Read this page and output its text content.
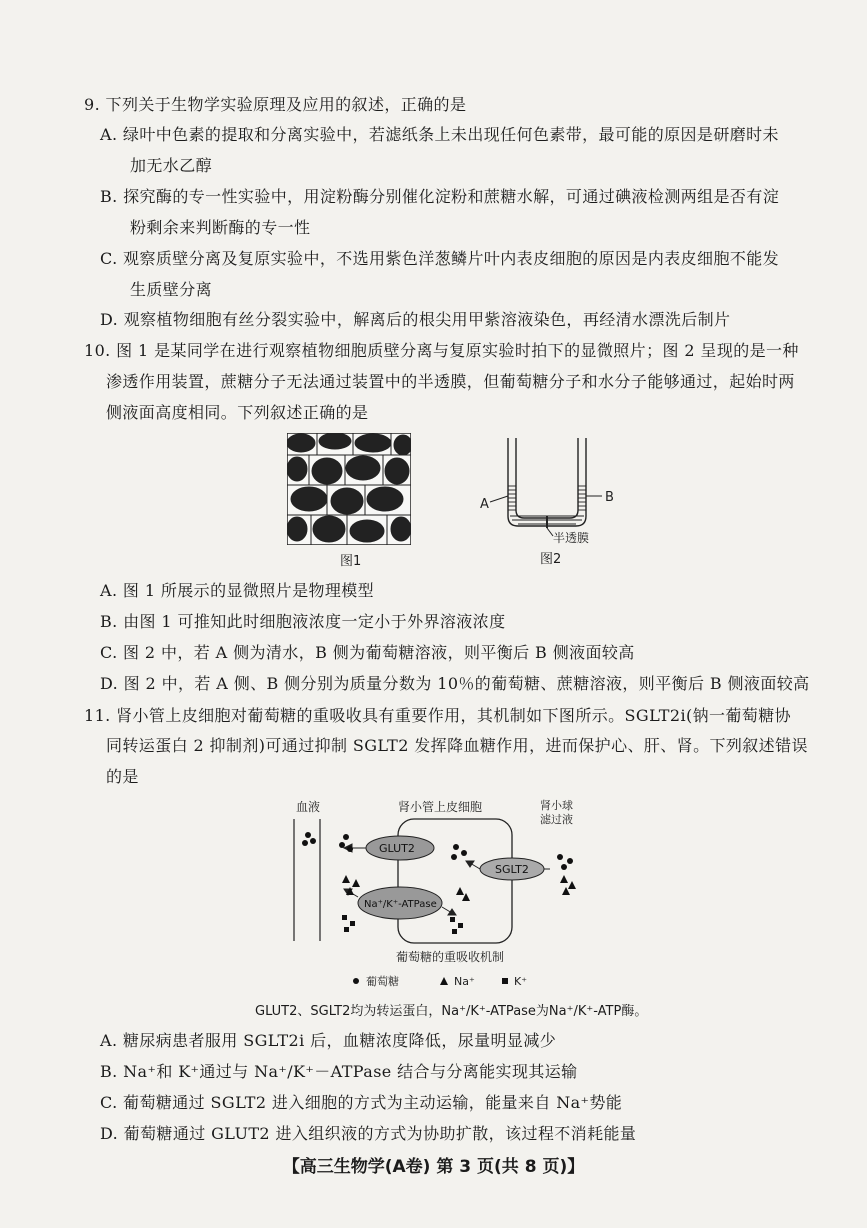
9. 下列关于生物学实验原理及应用的叙述，正确的是
A. 绿叶中色素的提取和分离实验中，若滤纸条上未出现任何色素带，最可能的原因是研磨时未
加无水乙醇
B. 探究酶的专一性实验中，用淀粉酶分别催化淀粉和蔗糖水解，可通过碘液检测两组是否有淀
粉剩余来判断酶的专一性
C. 观察质壁分离及复原实验中，不选用紫色洋葱鳞片叶内表皮细胞的原因是内表皮细胞不能发
生质壁分离
D. 观察植物细胞有丝分裂实验中，解离后的根尖用甲紫溶液染色，再经清水漂洗后制片
10. 图 1 是某同学在进行观察植物细胞质壁分离与复原实验时拍下的显微照片；图 2 呈现的是一种
渗透作用装置，蔗糖分子无法通过装置中的半透膜，但葡萄糖分子和水分子能够通过，起始时两
侧液面高度相同。下列叙述正确的是
图1
A	B
半透膜
图2
A. 图 1 所展示的显微照片是物理模型
B. 由图 1 可推知此时细胞液浓度一定小于外界溶液浓度
C. 图 2 中，若 A 侧为清水，B 侧为葡萄糖溶液，则平衡后 B 侧液面较高
D. 图 2 中，若 A 侧、B 侧分别为质量分数为 10％的葡萄糖、蔗糖溶液，则平衡后 B 侧液面较高
11. 肾小管上皮细胞对葡萄糖的重吸收具有重要作用，其机制如下图所示。SGLT2i(钠一葡萄糖协
同转运蛋白 2 抑制剂)可通过抑制 SGLT2 发挥降血糖作用，进而保护心、肝、肾。下列叙述错误
的是
血液	肾小管上皮细胞	肾小球
滤过液
GLUT2
SGLT2
Na⁺/K⁺-ATPase
葡萄糖的重吸收机制
葡萄糖	Na⁺	K⁺
GLUT2、SGLT2均为转运蛋白，Na⁺/K⁺-ATPase为Na⁺/K⁺-ATP酶。
A. 糖尿病患者服用 SGLT2i 后，血糖浓度降低，尿量明显减少
B. Na⁺和 K⁺通过与 Na⁺/K⁺－ATPase 结合与分离能实现其运输
C. 葡萄糖通过 SGLT2 进入细胞的方式为主动运输，能量来自 Na⁺势能
D. 葡萄糖通过 GLUT2 进入组织液的方式为协助扩散，该过程不消耗能量
【高三生物学(A卷) 第 3 页(共 8 页)】
